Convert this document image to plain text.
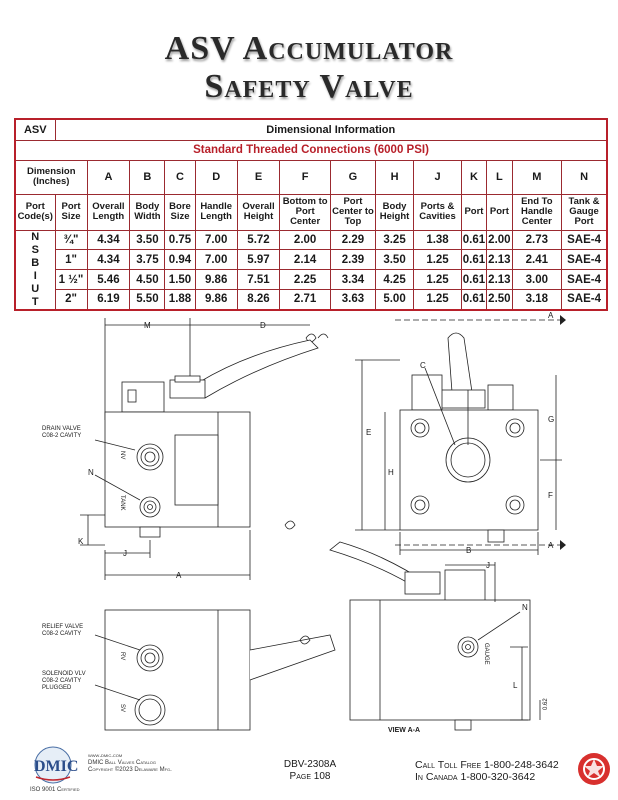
ASV Accumulator
Safety Valve
ASV	Dimensional Information													
Standard Threaded Connections (6000 PSI)														
Dimension (Inches)		A	B	C	D	E	F	G	H	J	K	L	M	N
Port Code(s)	Port Size	Overall Length	Body Width	Bore Size	Handle Length	Overall Height	Bottom to Port Center	Port Center to Top	Body Height	Ports & Cavities	Port	Port	End To Handle Center	Tank & Gauge Port
NSBIUT	¾"	4.34	3.50	0.75	7.00	5.72	2.00	2.29	3.25	1.38	0.61	2.00	2.73	SAE-4
	1"	4.34	3.75	0.94	7.00	5.97	2.14	2.39	3.50	1.25	0.61	2.13	2.41	SAE-4
	1 ½"	5.46	4.50	1.50	9.86	7.51	2.25	3.34	4.25	1.25	0.61	2.13	3.00	SAE-4
	2"	6.19	5.50	1.88	9.86	8.26	2.71	3.63	5.00	1.25	0.61	2.50	3.18	SAE-4
DRAIN VALVE
C08-2 CAVITY
NV
TANK
RELIEF VALVE
C08-2 CAVITY
SOLENOID VLV
C08-2 CAVITY
PLUGGED
RV
SV
GAUGE
0.62
VIEW A-A
M	D
N
K
J
A
C
E
G
H
F
B
L
A
A
J
N
DMIC
www.dmic.com
DMIC Ball Valves Catalog
Copyright ©2023 Delaware Mfg.
ISO 9001 Certified
DBV-2308A
Page 108
Call Toll Free 1-800-248-3642
In Canada 1-800-320-3642
